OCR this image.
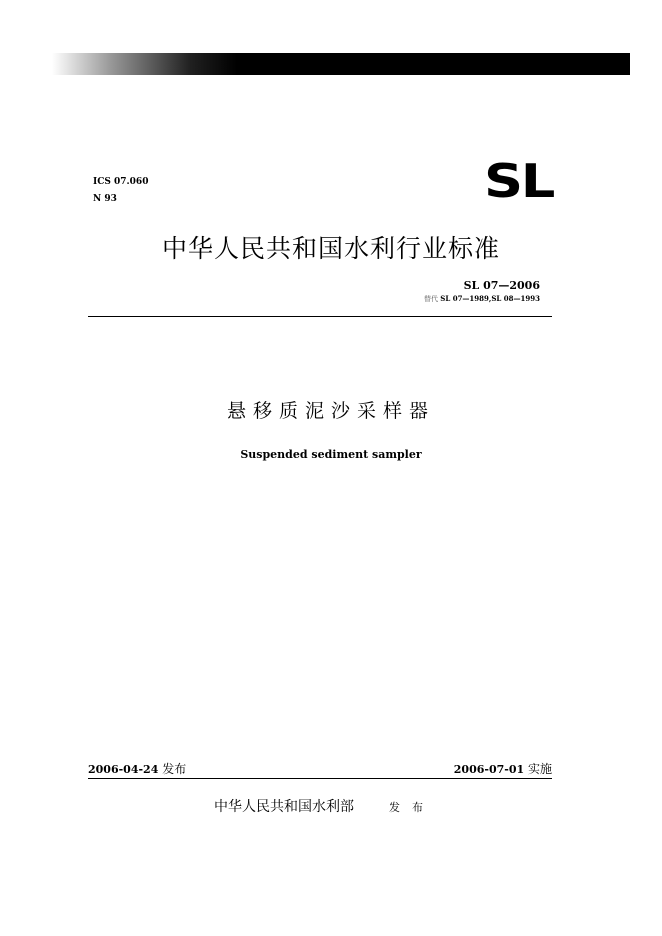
ICS 07.060
N 93	SL
中华人民共和国水利行业标准
SL 07—2006
替代 SL 07—1989,SL 08—1993
悬移质泥沙采样器
Suspended sediment sampler
2006-04-24 发布	2006-07-01 实施
中华人民共和国水利部	发布
